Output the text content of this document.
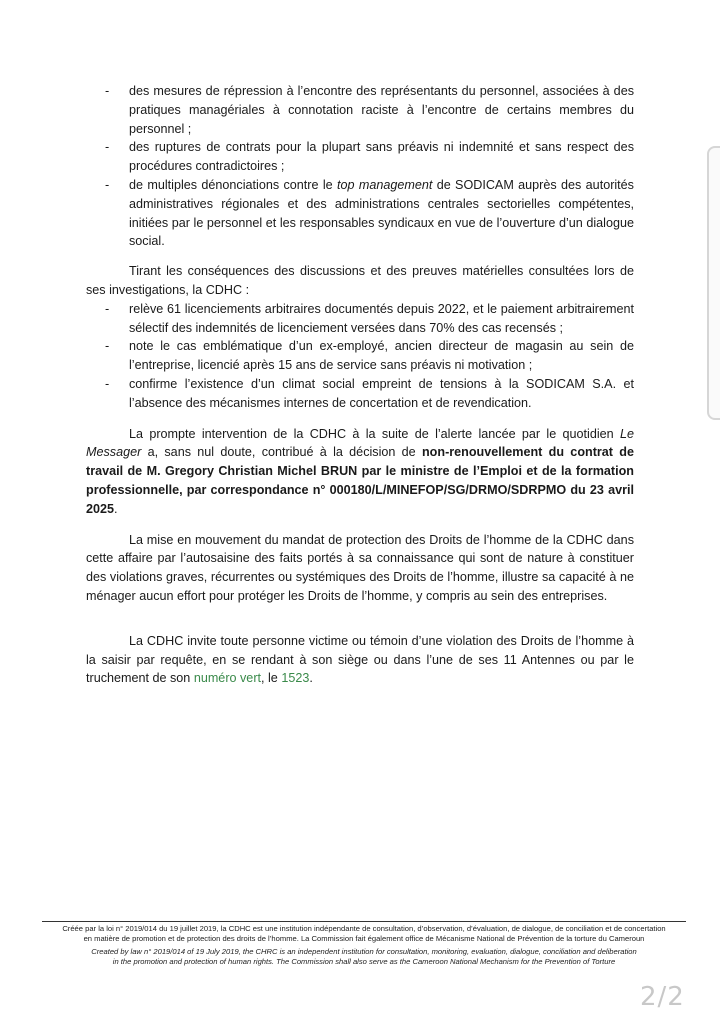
- des mesures de répression à l’encontre des représentants du personnel, associées à des pratiques managériales à connotation raciste à l’encontre de certains membres du personnel ;
- des ruptures de contrats pour la plupart sans préavis ni indemnité et sans respect des procédures contradictoires ;
- de multiples dénonciations contre le top management de SODICAM auprès des autorités administratives régionales et des administrations centrales sectorielles compétentes, initiées par le personnel et les responsables syndicaux en vue de l’ouverture d’un dialogue social.

Tirant les conséquences des discussions et des preuves matérielles consultées lors de ses investigations, la CDHC :

- relève 61 licenciements arbitraires documentés depuis 2022, et le paiement arbitrairement sélectif des indemnités de licenciement versées dans 70% des cas recensés ;
- note le cas emblématique d’un ex-employé, ancien directeur de magasin au sein de l’entreprise, licencié après 15 ans de service sans préavis ni motivation ;
- confirme l’existence d’un climat social empreint de tensions à la SODICAM S.A. et l’absence des mécanismes internes de concertation et de revendication.

La prompte intervention de la CDHC à la suite de l’alerte lancée par le quotidien Le Messager a, sans nul doute, contribué à la décision de non-renouvellement du contrat de travail de M. Gregory Christian Michel BRUN par le ministre de l’Emploi et de la formation professionnelle, par correspondance n° 000180/L/MINEFOP/SG/DRMO/SDRPMO du 23 avril 2025.

La mise en mouvement du mandat de protection des Droits de l’homme de la CDHC dans cette affaire par l’autosaisine des faits portés à sa connaissance qui sont de nature à constituer des violations graves, récurrentes ou systémiques des Droits de l’homme, illustre sa capacité à ne ménager aucun effort pour protéger les Droits de l’homme, y compris au sein des entreprises.

La CDHC invite toute personne victime ou témoin d’une violation des Droits de l’homme à la saisir par requête, en se rendant à son siège ou dans l’une de ses 11 Antennes ou par le truchement de son numéro vert, le 1523.

Créée par la loi n° 2019/014 du 19 juillet 2019, la CDHC est une institution indépendante de consultation, d’observation, d’évaluation, de dialogue, de conciliation et de concertation
en matière de promotion et de protection des droits de l’homme. La Commission fait également office de Mécanisme National de Prévention de la torture du Cameroun
Created by law n° 2019/014 of 19 July 2019, the CHRC is an independent institution for consultation, monitoring, evaluation, dialogue, conciliation and deliberation
in the promotion and protection of human rights. The Commission shall also serve as the Cameroon National Mechanism for the Prevention of Torture
2/2
